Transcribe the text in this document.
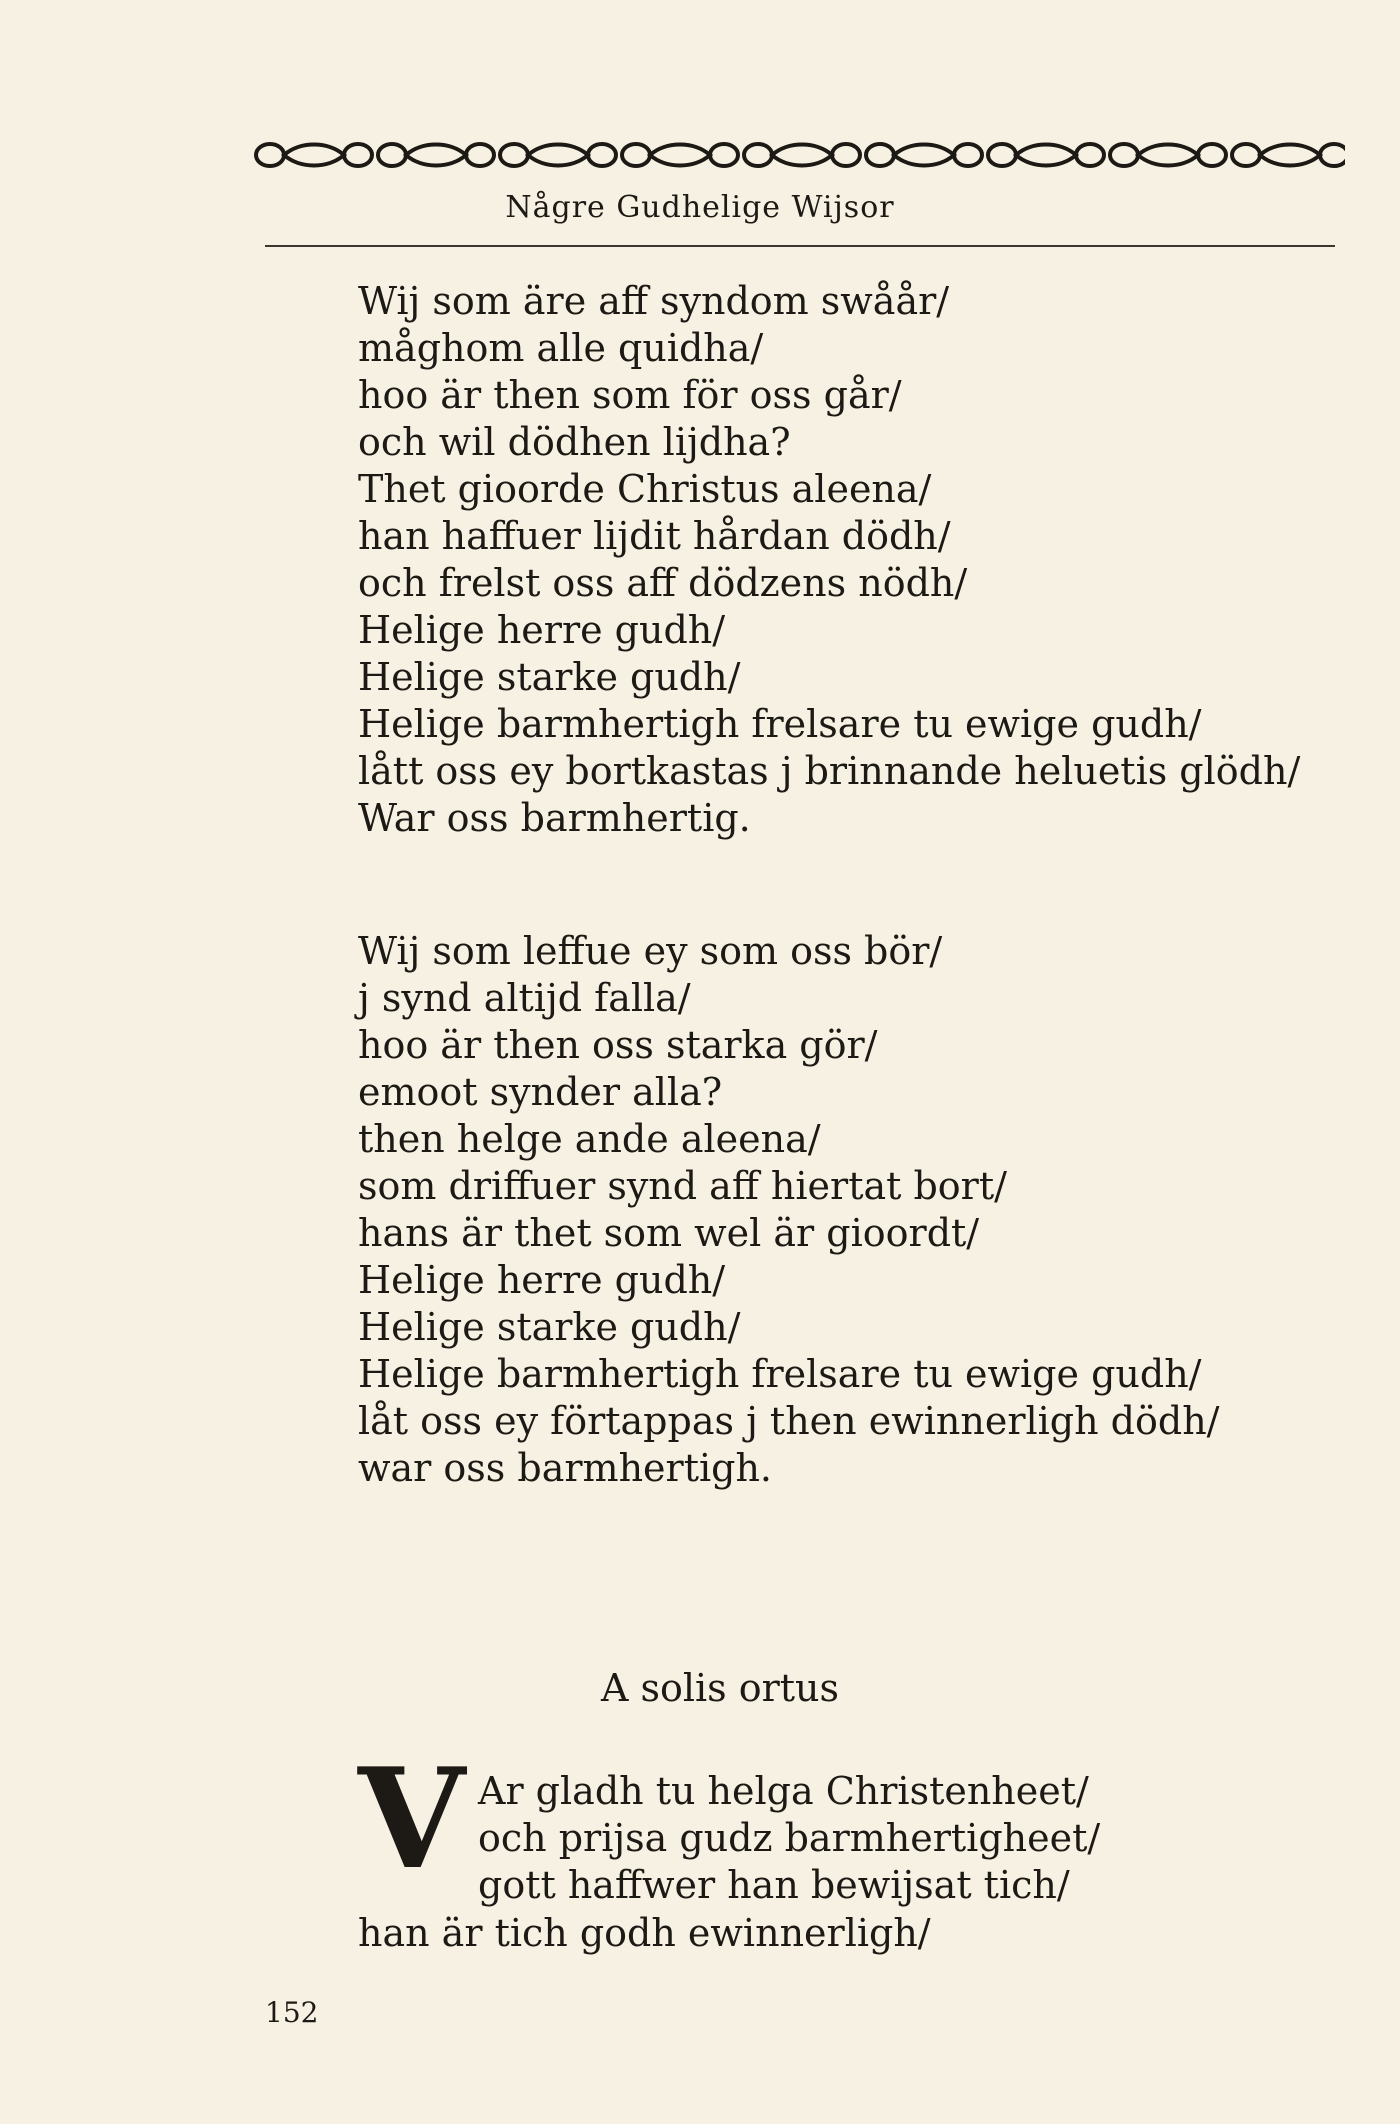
Någre Gudhelige Wijsor
Wij som äre aff syndom swåår/
måghom alle quidha/
hoo är then som för oss går/
och wil dödhen lijdha?
Thet gioorde Christus aleena/
han haffuer lijdit hårdan dödh/
och frelst oss aff dödzens nödh/
Helige herre gudh/
Helige starke gudh/
Helige barmhertigh frelsare tu ewige gudh/
lått oss ey bortkastas j brinnande heluetis glödh/
War oss barmhertig.
Wij som leffue ey som oss bör/
j synd altijd falla/
hoo är then oss starka gör/
emoot synder alla?
then helge ande aleena/
som driffuer synd aff hiertat bort/
hans är thet som wel är gioordt/
Helige herre gudh/
Helige starke gudh/
Helige barmhertigh frelsare tu ewige gudh/
låt oss ey förtappas j then ewinnerligh dödh/
war oss barmhertigh.
A solis ortus
V Ar gladh tu helga Christenheet/
och prijsa gudz barmhertigheet/
gott haffwer han bewijsat tich/
han är tich godh ewinnerligh/
152
